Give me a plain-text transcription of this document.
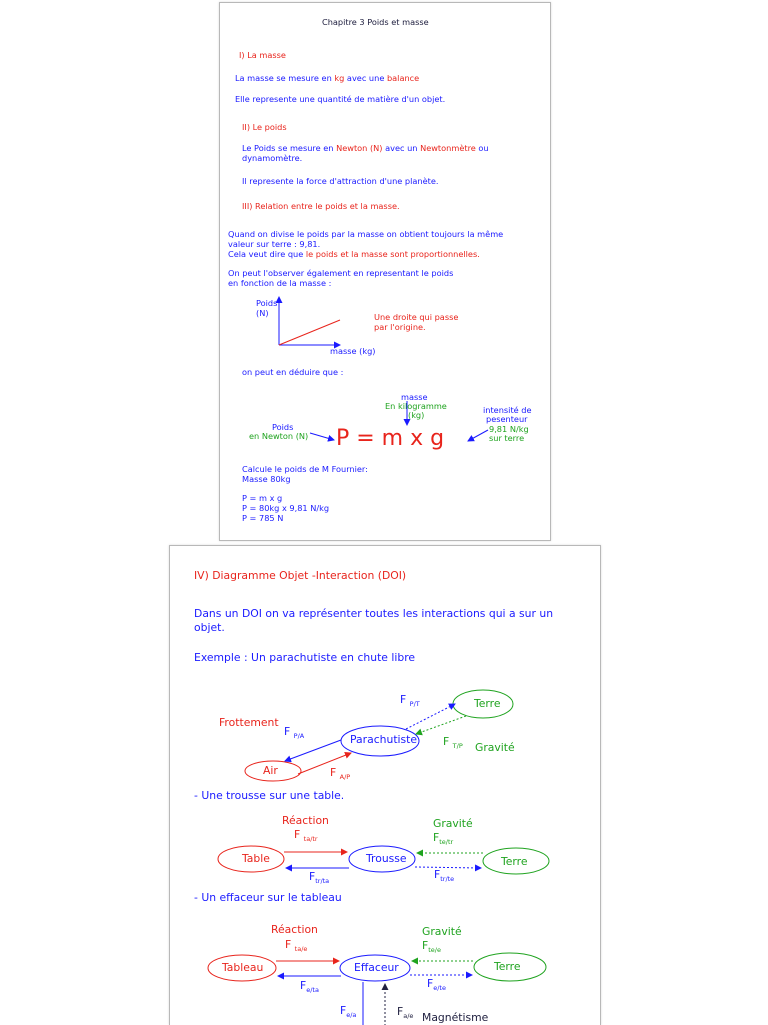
Chapitre 3 Poids et masse
I) La masse
La masse se mesure en kg avec une balance
Elle represente une quantité de matière d'un objet.
II) Le poids
Le Poids se mesure en Newton (N) avec un Newtonmètre ou
dynamomètre.
Il represente la force d'attraction d'une planète.
III) Relation entre le poids et la masse.
Quand on divise le poids par la masse on obtient toujours la même
valeur sur terre : 9,81.
Cela veut dire que le poids et la masse sont proportionnelles.
On peut l'observer également en representant le poids
en fonction de la masse :
Poids
(N)	Une droite qui passe
par l'origine.
masse (kg)
on peut en déduire que :
masse
En kilogramme
(kg)
Poids
en Newton (N) P = m x g
intensité de
pesenteur
9,81 N/kg
sur terre
Calcule le poids de M Fournier:
Masse 80kg
P = m x g
P = 80kg x 9,81 N/kg
P = 785 N
IV) Diagramme Objet -Interaction (DOI)
Dans un DOI on va représenter toutes les interactions qui a sur un
objet.
Exemple : Un parachutiste en chute libre
F $_{P/T}$	Terre
Frottement
F $_{P/A}$	Parachutiste F $_{T/P}$ Gravité
Air	F $_{A/P}$
- Une trousse sur une table.
Réaction	Gravité
F $_{ta/tr}$	$F_{te/tr}$
Table	Trousse	Terre
$F_{tr/ta}$	$F_{tr/te}$
- Un effaceur sur le tableau
Réaction	Gravité
F $_{ta/e}$	$F_{te/e}$
Tableau	Effaceur	Terre
$F_{e/ta}$	$F_{e/te}$
$F_{e/a}$	$F_{a/e}$ Magnétisme
